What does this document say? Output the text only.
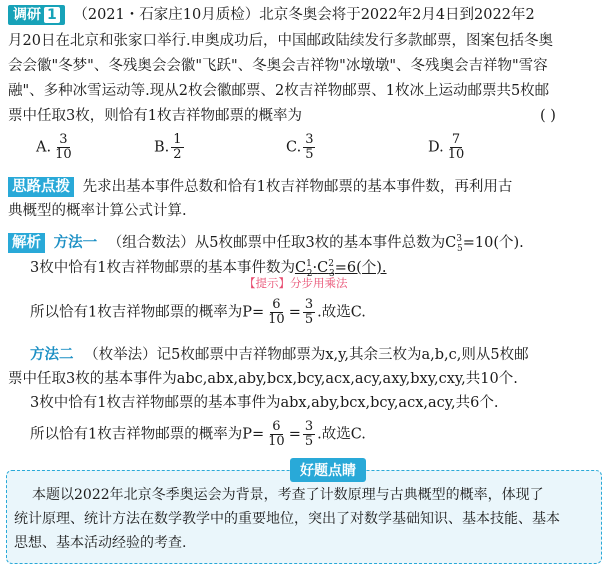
调研 1 （2021・石家庄10月质检）北京冬奥会将于2022年2月4日到2022年2
月20日在北京和张家口举行.申奥成功后，中国邮政陆续发行多款邮票，图案包括冬奥
会会徽"冬梦"、冬残奥会会徽"飞跃"、冬奥会吉祥物"冰墩墩"、冬残奥会吉祥物"雪容
融"、多种冰雪运动等.现从2枚会徽邮票、2枚吉祥物邮票、1枚冰上运动邮票共5枚邮
票中任取3枚，则恰有1枚吉祥物邮票的概率为	( )
A. $\frac{3}{10}$	B. $\frac{1}{2}$	C. $\frac{3}{5}$	D. $\frac{7}{10}$
思路点拨 先求出基本事件总数和恰有1枚吉祥物邮票的基本事件数，再利用古
典概型的概率计算公式计算.
解析 方法一 （组合数法）从5枚邮票中任取3枚的基本事件总数为$C^3_5=10$(个).
3枚中恰有1枚吉祥物邮票的基本事件数为$C^1_2\cdot C^2_3=6$(个).
【提示】分步用乘法
所以恰有1枚吉祥物邮票的概率为$P= \frac{6}{10} = \frac{3}{5}$ .故选C.
方法二 （枚举法）记5枚邮票中吉祥物邮票为x,y,其余三枚为a,b,c,则从5枚邮
票中任取3枚的基本事件为abc,abx,aby,bcx,bcy,acx,acy,axy,bxy,cxy,共10个.
3枚中恰有1枚吉祥物邮票的基本事件为abx,aby,bcx,bcy,acx,acy,共6个.
所以恰有1枚吉祥物邮票的概率为$P= \frac{6}{10} = \frac{3}{5}$ .故选C.
好题点睛
本题以2022年北京冬季奥运会为背景，考查了计数原理与古典概型的概率，体现了
统计原理、统计方法在数学教学中的重要地位，突出了对数学基础知识、基本技能、基本
思想、基本活动经验的考查.
